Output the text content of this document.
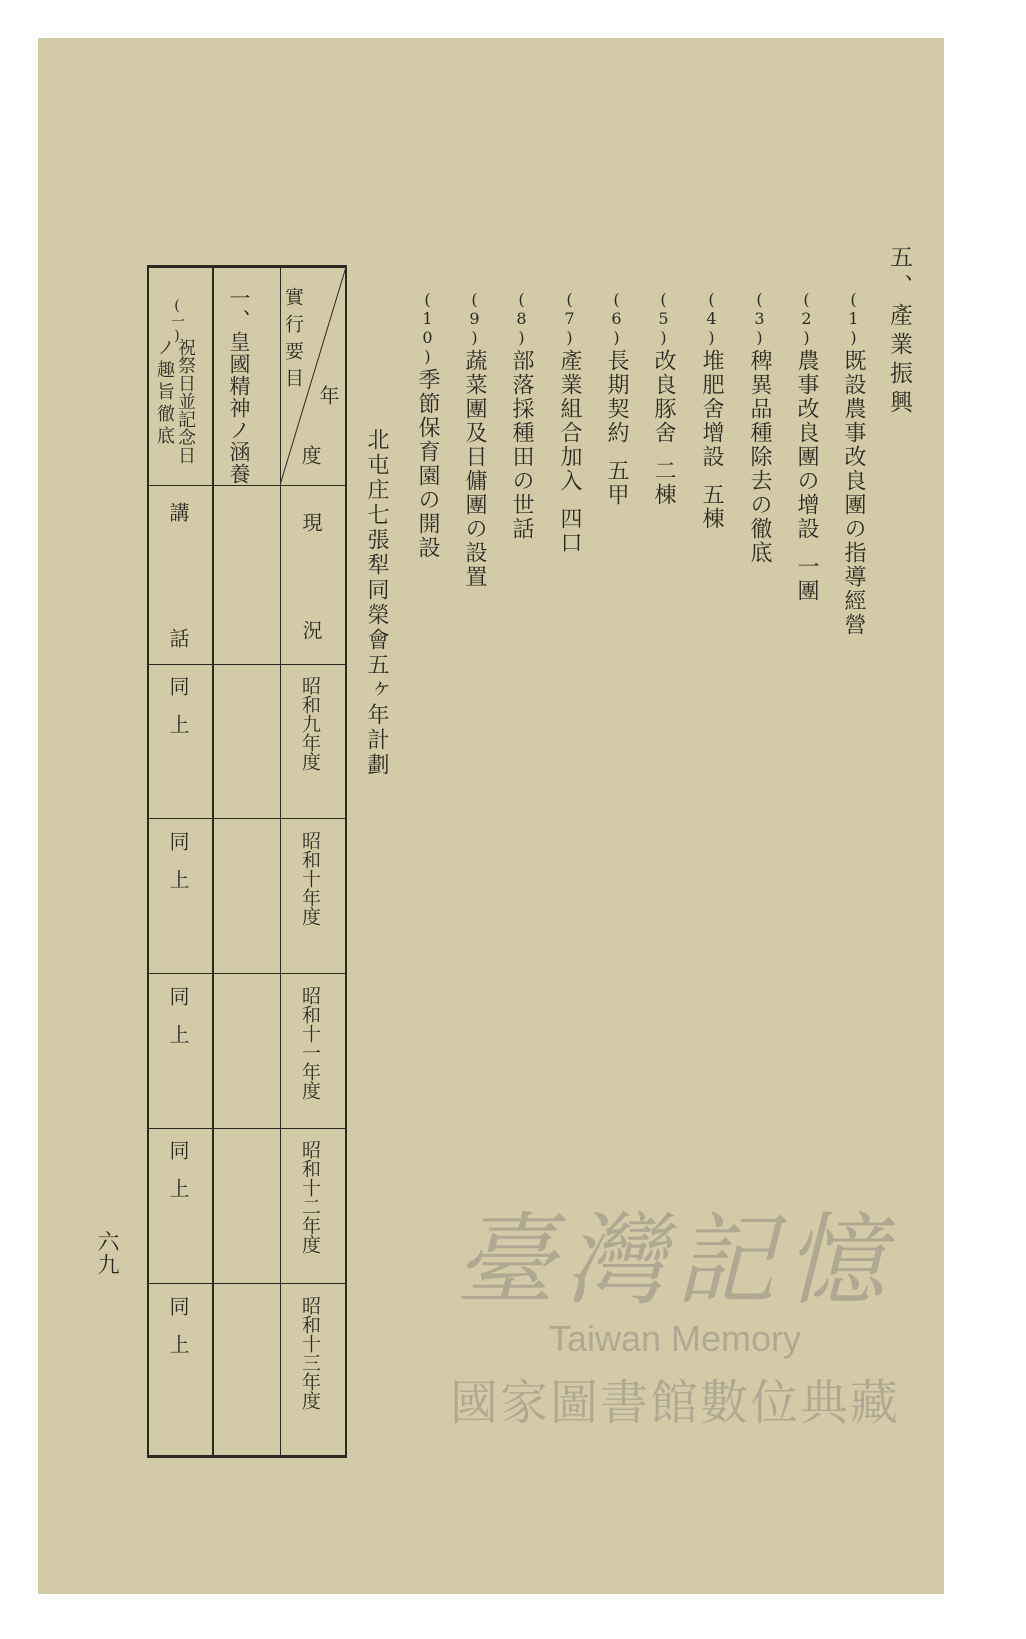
五、產業振興
(1)既設農事改良團の指導經營
(2)農事改良團の增設一團
(3)稗異品種除去の徹底
(4)堆肥舍增設五棟
(5)改良豚舍二棟
(6)長期契約五甲
(7)產業組合加入四口
(8)部落採種田の世話
(9)蔬菜團及日傭團の設置
(10)季節保育園の開設
北屯庄七張犁同榮會五ヶ年計劃
年
度
實行要目
現
況
昭和九年度
昭和十年度
昭和十一年度
昭和十二年度
昭和十三年度
一、皇國精神ノ涵養
(一)
祝祭日並記念日
ノ趣旨徹底
講
話
同上
同上
同上
同上
同上
六九	臺灣記憶
Taiwan Memory
國家圖書館數位典藏
